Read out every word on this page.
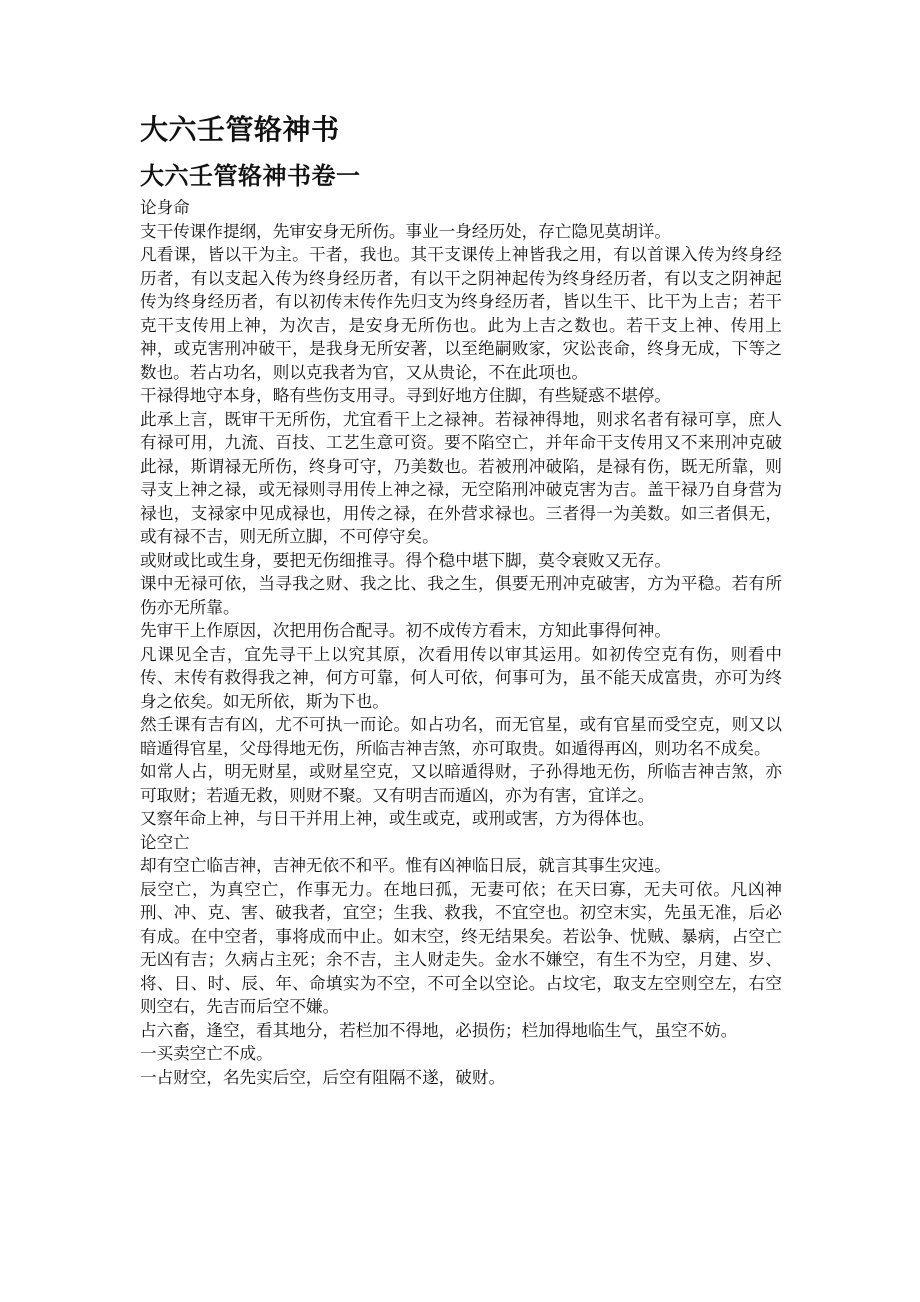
大六壬管辂神书
大六壬管辂神书卷一

论身命

支干传课作提纲，先审安身无所伤。事业一身经历处，存亡隐见莫胡详。

凡看课，皆以干为主。干者，我也。其干支课传上神皆我之用，有以首课入传为终身经历者，有以支起入传为终身经历者，有以干之阴神起传为终身经历者，有以支之阴神起传为终身经历者，有以初传末传作先归支为终身经历者，皆以生干、比干为上吉；若干克干支传用上神，为次吉，是安身无所伤也。此为上吉之数也。若干支上神、传用上神，或克害刑冲破干，是我身无所安著，以至绝嗣败家，灾讼丧命，终身无成，下等之数也。若占功名，则以克我者为官，又从贵论，不在此项也。

干禄得地守本身，略有些伤支用寻。寻到好地方住脚，有些疑惑不堪停。

此承上言，既审干无所伤，尤宜看干上之禄神。若禄神得地，则求名者有禄可享，庶人有禄可用，九流、百技、工艺生意可资。要不陷空亡，并年命干支传用又不来刑冲克破此禄，斯谓禄无所伤，终身可守，乃美数也。若被刑冲破陷，是禄有伤，既无所靠，则寻支上神之禄，或无禄则寻用传上神之禄，无空陷刑冲破克害为吉。盖干禄乃自身营为禄也，支禄家中见成禄也，用传之禄，在外营求禄也。三者得一为美数。如三者俱无，或有禄不吉，则无所立脚，不可停守矣。

或财或比或生身，要把无伤细推寻。得个稳中堪下脚，莫令衰败又无存。

课中无禄可依，当寻我之财、我之比、我之生，俱要无刑冲克破害，方为平稳。若有所伤亦无所靠。

先审干上作原因，次把用伤合配寻。初不成传方看末，方知此事得何神。

凡课见全吉，宜先寻干上以究其原，次看用传以审其运用。如初传空克有伤，则看中传、末传有救得我之神，何方可靠，何人可依，何事可为，虽不能天成富贵，亦可为终身之依矣。如无所依，斯为下也。

然壬课有吉有凶，尤不可执一而论。如占功名，而无官星，或有官星而受空克，则又以暗遁得官星，父母得地无伤，所临吉神吉煞，亦可取贵。如遁得再凶，则功名不成矣。

如常人占，明无财星，或财星空克，又以暗遁得财，子孙得地无伤，所临吉神吉煞，亦可取财；若遁无救，则财不聚。又有明吉而遁凶，亦为有害，宜详之。

又察年命上神，与日干并用上神，或生或克，或刑或害，方为得体也。

论空亡

却有空亡临吉神，吉神无依不和平。惟有凶神临日辰，就言其事生灾迍。

辰空亡，为真空亡，作事无力。在地曰孤，无妻可依；在天曰寡，无夫可依。凡凶神刑、冲、克、害、破我者，宜空；生我、救我，不宜空也。初空末实，先虽无准，后必有成。在中空者，事将成而中止。如末空，终无结果矣。若讼争、忧贼、暴病，占空亡无凶有吉；久病占主死；余不吉，主人财走失。金水不嫌空，有生不为空，月建、岁、将、日、时、辰、年、命填实为不空，不可全以空论。占坟宅，取支左空则空左，右空则空右，先吉而后空不嫌。

占六畜，逢空，看其地分，若栏加不得地，必损伤；栏加得地临生气，虽空不妨。

一买卖空亡不成。

一占财空，名先实后空，后空有阻隔不遂，破财。
